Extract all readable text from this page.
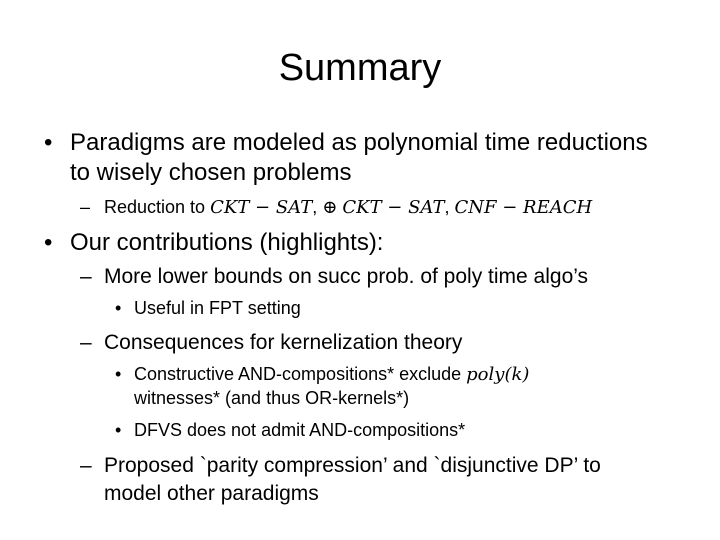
Summary
• Paradigms are modeled as polynomial time reductions
to wisely chosen problems
– Reduction to CKT − SAT, ⊕ CKT − SAT, CNF − REACH
• Our contributions (highlights):
– More lower bounds on succ prob. of poly time algo’s
• Useful in FPT setting
– Consequences for kernelization theory
• Constructive AND-compositions* exclude poly(k)
witnesses* (and thus OR-kernels*)
• DFVS does not admit AND-compositions*
– Proposed `parity compression’ and `disjunctive DP’ to
model other paradigms
